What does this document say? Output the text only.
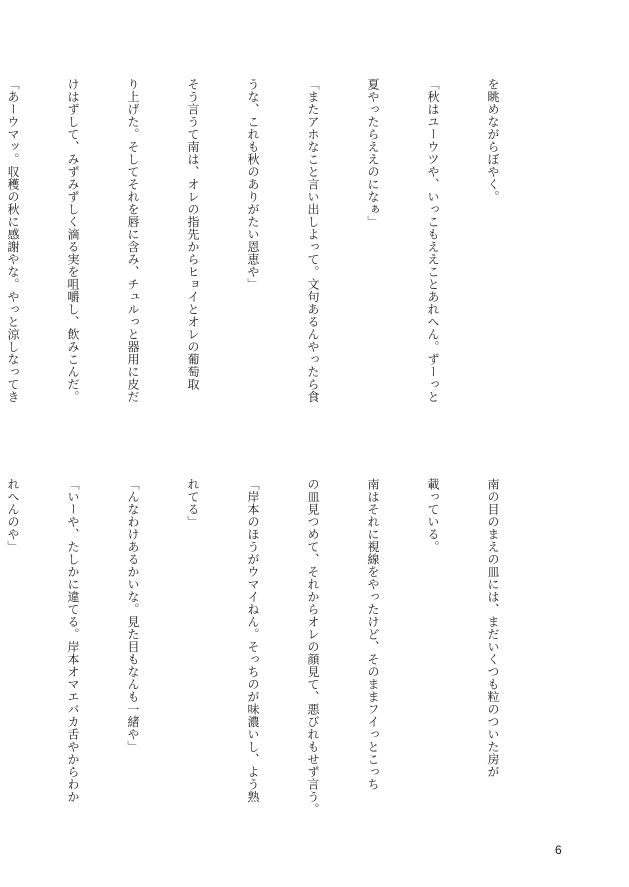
を眺めながらぼやく。

「秋はユーウツや、いっこもええことあれへん。ずーっと

夏やったらええのになぁ」

「またアホなこと言い出しよって。文句あるんやったら食

うな、これも秋のありがたい恩恵や」

そう言うて南は、オレの指先からヒョイとオレの葡萄取

り上げた。そしてそれを唇に含み、チュルっと器用に皮だ

けはずして、みずみずしく滴る実を咀嚼し、飲みこんだ。

「あーウマッ。収穫の秋に感謝やな。やっと涼しなってき

南の目のまえの皿には、まだいくつも粒のついた房が

載っている。

南はそれに視線をやったけど、そのままフイっとこっち

の皿見つめて、それからオレの顔見て、悪びれもせず言う。

「岸本のほうがウマイねん。そっちのが味濃いし、よう熟

れてる」

「んなわけあるかいな。見た目もなんも一緒や」

「いーや、たしかに違てる。岸本オマエバカ舌やからわか

れへんのや」

6
